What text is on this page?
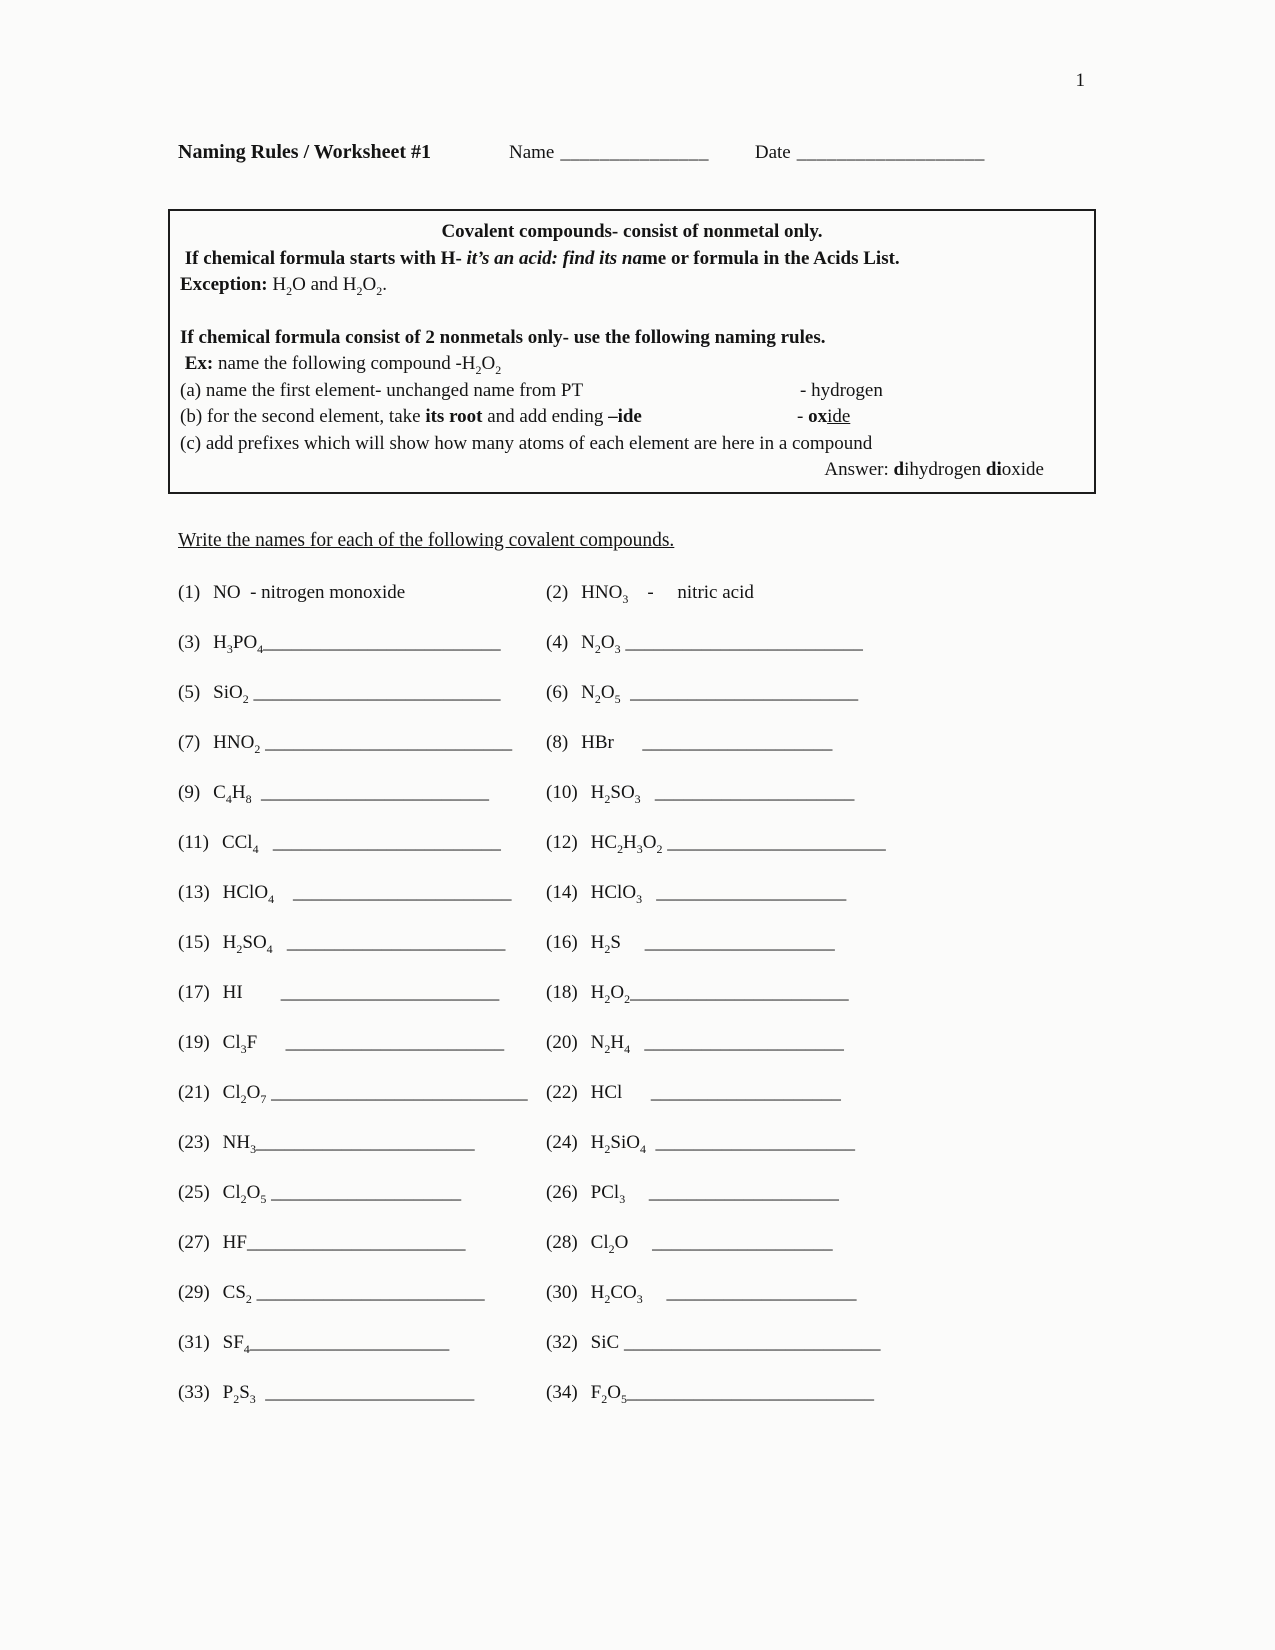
1
Naming Rules / Worksheet #1	Name _______________ Date ___________________
Covalent compounds- consist of nonmetal only.
If chemical formula starts with H- it’s an acid: find its name or formula in the Acids List.
Exception: $H_2O$ and $H_2O_2$.
If chemical formula consist of 2 nonmetals only- use the following naming rules.
Ex: name the following compound $-H_2O_2$
(a) name the first element- unchanged name from PT	- hydrogen
(b) for the second element, take its root and add ending –ide	- oxide
(c) add prefixes which will show how many atoms of each element are here in a compound
Answer: dihydrogen dioxide
Write the names for each of the following covalent compounds.
(1) NO  - nitrogen monoxide	(2) $HNO_3$    -     nitric acid
(3) $H_3PO_4\_\_\_\_\_\_\_\_\_\_\_\_\_\_\_\_\_\_\_\_\_\_\_\_\_$	(4) $N_2O_3$ _________________________
(5) SiO$_2$ __________________________	(6) $N_2O_5$  ________________________
(7) $HNO_2$ __________________________	(8) HBr      ____________________
(9) $C_4H_8$  ________________________	(10) $H_2SO_3$   _____________________
(11) CCl$_4$   ________________________	(12) $HC_2H_3O_2$ _______________________
(13) HClO$_4$    _______________________	(14) HClO$_3$   ____________________
(15) $H_2SO_4$   _______________________	(16) $H_2S$     ____________________
(17) HI        _______________________	(18) $H_2O_2\_\_\_\_\_\_\_\_\_\_\_\_\_\_\_\_\_\_\_\_\_\_\_$
(19) $Cl_3F$      _______________________	(20) $N_2H_4$   _____________________
(21) $Cl_2O_7$ ___________________________ (22) HCl      ____________________
(23) $NH_3\_\_\_\_\_\_\_\_\_\_\_\_\_\_\_\_\_\_\_\_\_\_\_$	(24) $H_2SiO_4$  _____________________
(25) $Cl_2O_5$ ____________________	(26) PCl$_3$     ____________________
(27) HF_______________________	(28) $Cl_2O$     ___________________
(29) $CS_2$ ________________________	(30) $H_2CO_3$     ____________________
(31) $SF_4\_\_\_\_\_\_\_\_\_\_\_\_\_\_\_\_\_\_\_\_\_$	(32) SiC ___________________________
(33) $P_2S_3$  ______________________	(34) $F_2O_5\_\_\_\_\_\_\_\_\_\_\_\_\_\_\_\_\_\_\_\_\_\_\_\_\_\_$
